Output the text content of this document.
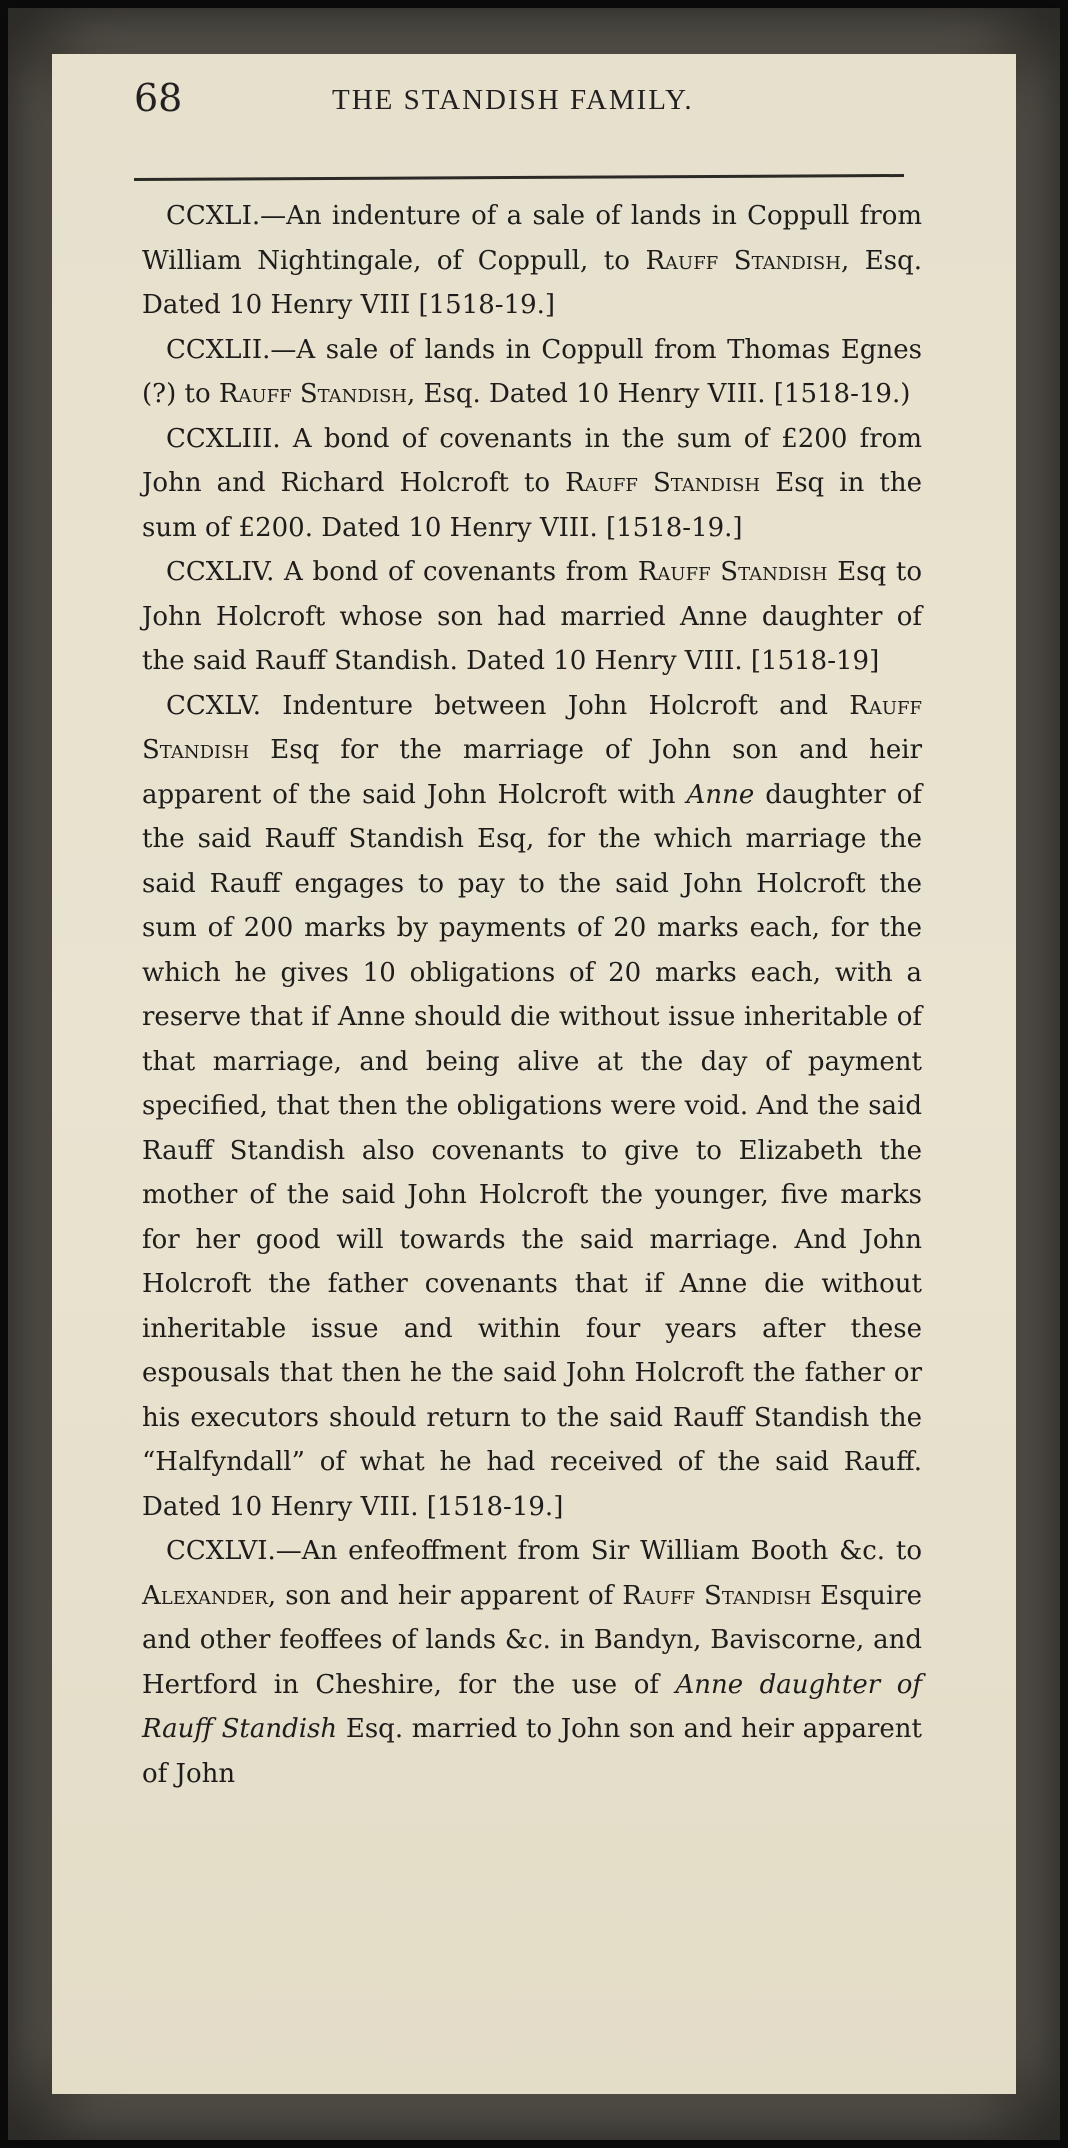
68	THE STANDISH FAMILY.

CCXLI.—An indenture of a sale of lands in Coppull from William Nightingale, of Coppull, to Rauff Standish, Esq. Dated 10 Henry VIII [1518-19.]

CCXLII.—A sale of lands in Coppull from Thomas Egnes (?) to Rauff Standish, Esq. Dated 10 Henry VIII. [1518-19.)

CCXLIII. A bond of covenants in the sum of £200 from John and Richard Holcroft to Rauff Standish Esq in the sum of £200. Dated 10 Henry VIII. [1518-19.]

CCXLIV. A bond of covenants from Rauff Standish Esq to John Holcroft whose son had married Anne daughter of the said Rauff Standish. Dated 10 Henry VIII. [1518-19]

CCXLV. Indenture between John Holcroft and Rauff Standish Esq for the marriage of John son and heir apparent of the said John Holcroft with Anne daughter of the said Rauff Standish Esq, for the which marriage the said Rauff engages to pay to the said John Holcroft the sum of 200 marks by payments of 20 marks each, for the which he gives 10 obligations of 20 marks each, with a reserve that if Anne should die without issue inheritable of that marriage, and being alive at the day of payment specified, that then the obligations were void. And the said Rauff Standish also covenants to give to Elizabeth the mother of the said John Holcroft the younger, five marks for her good will towards the said marriage. And John Holcroft the father covenants that if Anne die without inheritable issue and within four years after these espousals that then he the said John Holcroft the father or his executors should return to the said Rauff Standish the “Halfyndall” of what he had received of the said Rauff. Dated 10 Henry VIII. [1518-19.]

CCXLVI.—An enfeoffment from Sir William Booth &c. to Alexander, son and heir apparent of Rauff Standish Esquire and other feoffees of lands &c. in Bandyn, Baviscorne, and Hertford in Cheshire, for the use of Anne daughter of Rauff Standish Esq. married to John son and heir apparent of John
